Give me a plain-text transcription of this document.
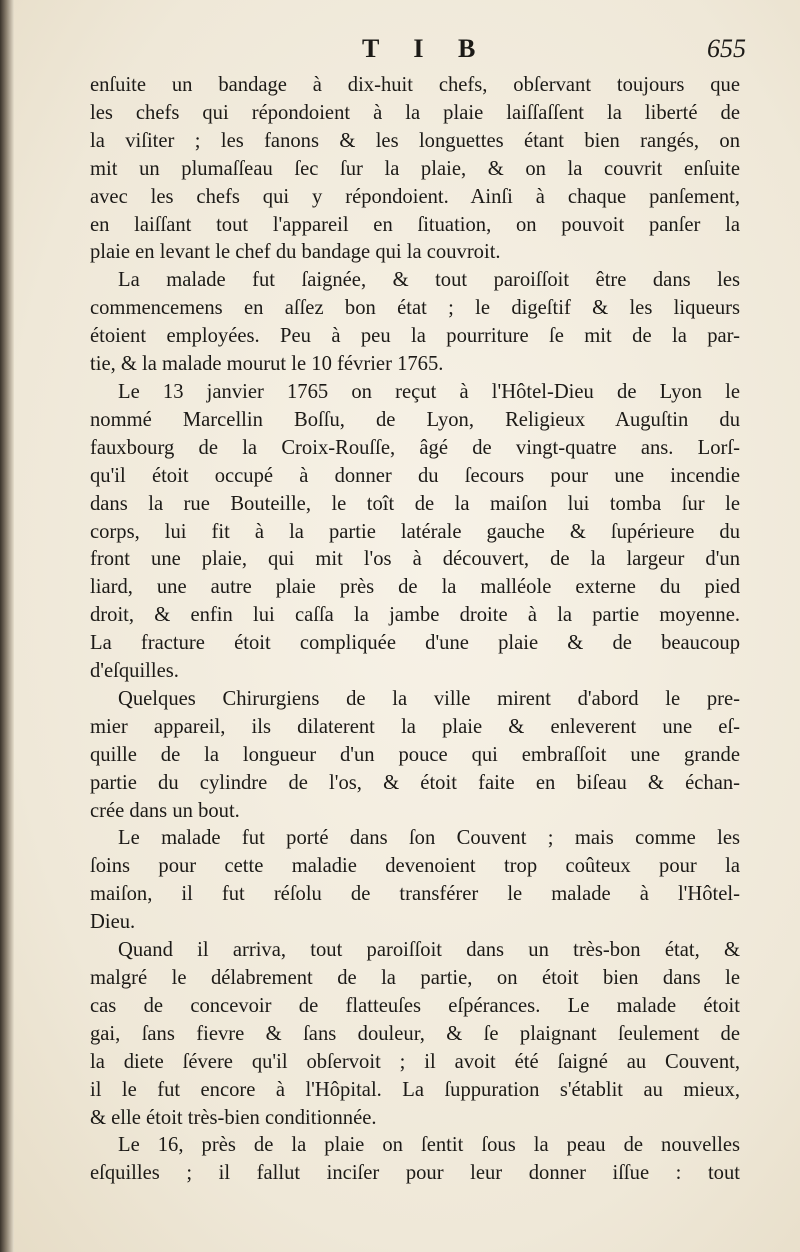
T I B	655

enſuite un bandage à dix-huit chefs, obſervant toujours que
les chefs qui répondoient à la plaie laiſſaſſent la liberté de
la viſiter ; les fanons & les longuettes étant bien rangés, on
mit un plumaſſeau ſec ſur la plaie, & on la couvrit enſuite
avec les chefs qui y répondoient. Ainſi à chaque panſement,
en laiſſant tout l'appareil en ſituation, on pouvoit panſer la
plaie en levant le chef du bandage qui la couvroit.

La malade fut ſaignée, & tout paroiſſoit être dans les
commencemens en aſſez bon état ; le digeſtif & les liqueurs
étoient employées. Peu à peu la pourriture ſe mit de la par-
tie, & la malade mourut le 10 février 1765.

Le 13 janvier 1765 on reçut à l'Hôtel-Dieu de Lyon le
nommé Marcellin Boſſu, de Lyon, Religieux Auguſtin du
fauxbourg de la Croix-Rouſſe, âgé de vingt-quatre ans. Lorſ-
qu'il étoit occupé à donner du ſecours pour une incendie
dans la rue Bouteille, le toît de la maiſon lui tomba ſur le
corps, lui fit à la partie latérale gauche & ſupérieure du
front une plaie, qui mit l'os à découvert, de la largeur d'un
liard, une autre plaie près de la malléole externe du pied
droit, & enfin lui caſſa la jambe droite à la partie moyenne.
La fracture étoit compliquée d'une plaie & de beaucoup
d'eſquilles.

Quelques Chirurgiens de la ville mirent d'abord le pre-
mier appareil, ils dilaterent la plaie & enleverent une eſ-
quille de la longueur d'un pouce qui embraſſoit une grande
partie du cylindre de l'os, & étoit faite en biſeau & échan-
crée dans un bout.

Le malade fut porté dans ſon Couvent ; mais comme les
ſoins pour cette maladie devenoient trop coûteux pour la
maiſon, il fut réſolu de transférer le malade à l'Hôtel-
Dieu.

Quand il arriva, tout paroiſſoit dans un très-bon état, &
malgré le délabrement de la partie, on étoit bien dans le
cas de concevoir de flatteuſes eſpérances. Le malade étoit
gai, ſans fievre & ſans douleur, & ſe plaignant ſeulement de
la diete ſévere qu'il obſervoit ; il avoit été ſaigné au Couvent,
il le fut encore à l'Hôpital. La ſuppuration s'établit au mieux,
& elle étoit très-bien conditionnée.

Le 16, près de la plaie on ſentit ſous la peau de nouvelles
eſquilles ; il fallut inciſer pour leur donner iſſue : tout
